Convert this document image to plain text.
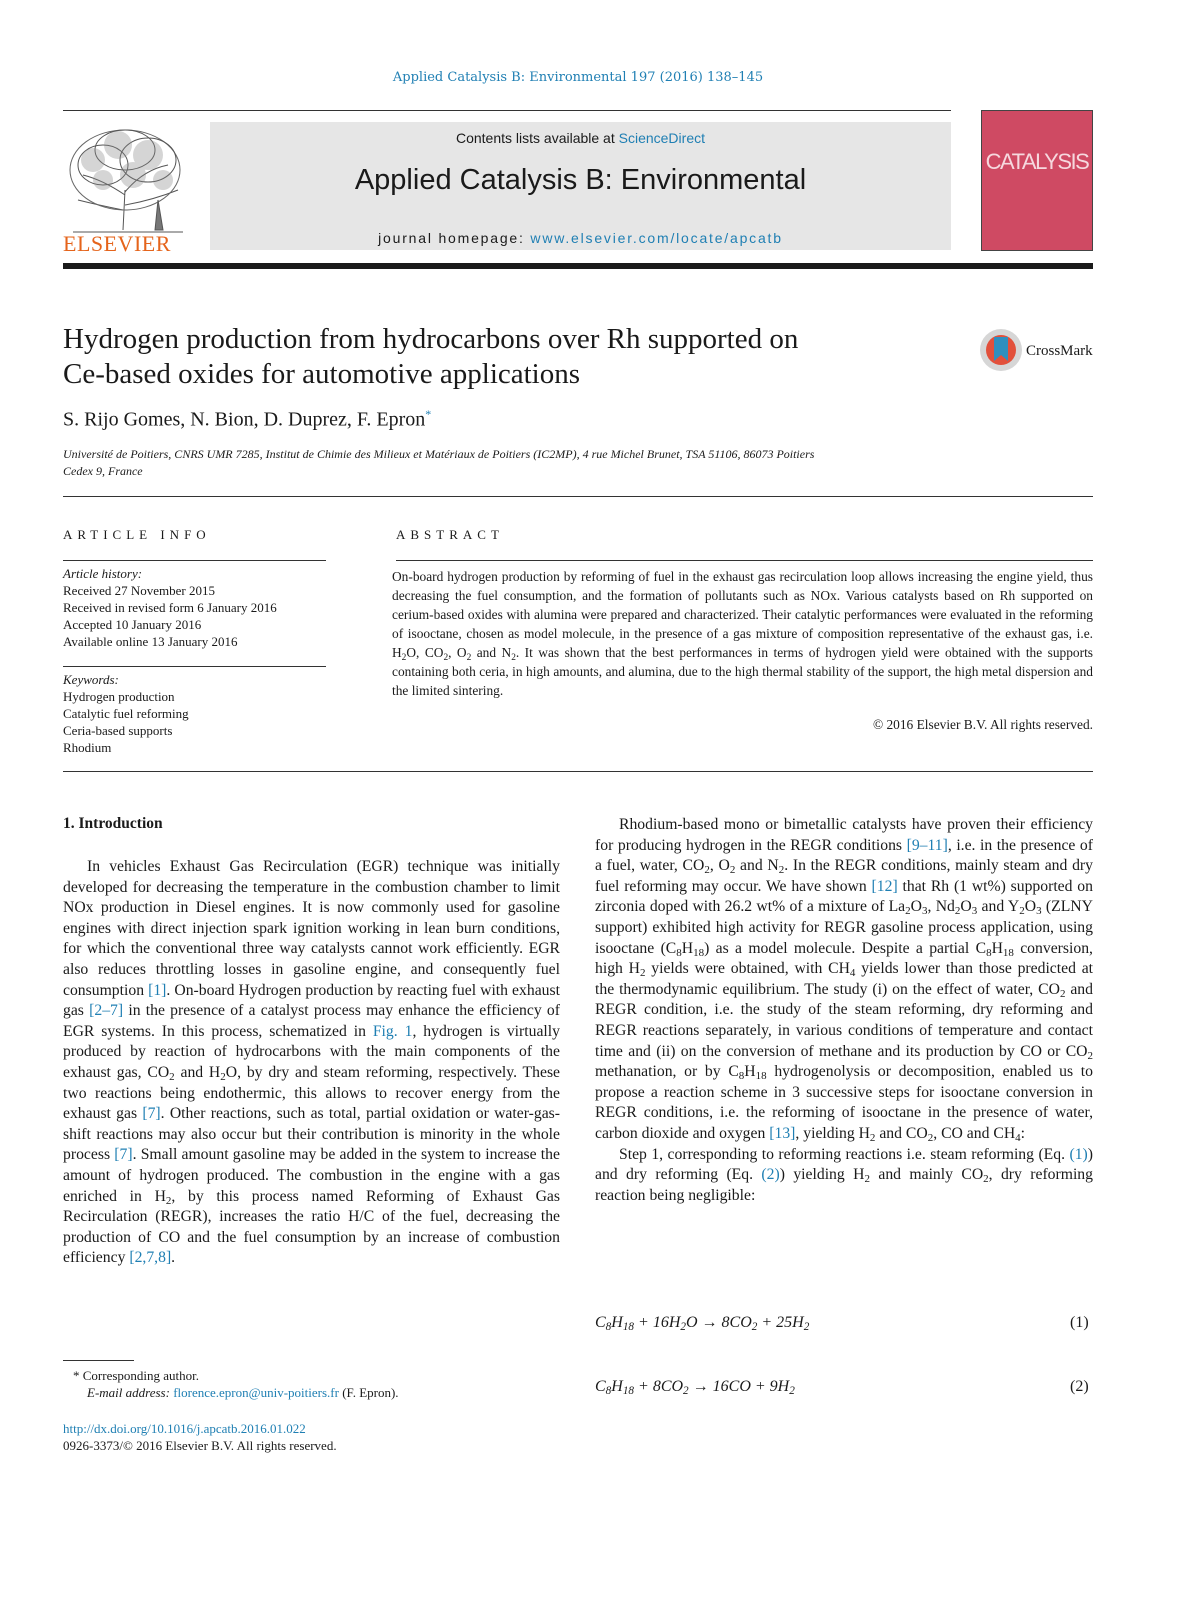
Applied Catalysis B: Environmental 197 (2016) 138–145
ELSEVIER
Contents lists available at ScienceDirect
Applied Catalysis B: Environmental
journal homepage: www.elsevier.com/locate/apcatb
CATALYSIS
Hydrogen production from hydrocarbons over Rh supported on
Ce-based oxides for automotive applications
CrossMark
S. Rijo Gomes, N. Bion, D. Duprez, F. Epron*
Université de Poitiers, CNRS UMR 7285, Institut de Chimie des Milieux et Matériaux de Poitiers (IC2MP), 4 rue Michel Brunet, TSA 51106, 86073 Poitiers
Cedex 9, France
ARTICLE INFO	ABSTRACT
Article history:
Received 27 November 2015
Received in revised form 6 January 2016
Accepted 10 January 2016
Available online 13 January 2016
Keywords:
Hydrogen production
Catalytic fuel reforming
Ceria-based supports
Rhodium
On-board hydrogen production by reforming of fuel in the exhaust gas recirculation loop allows increasing the engine yield, thus decreasing the fuel consumption, and the formation of pollutants such as NOx. Various catalysts based on Rh supported on cerium-based oxides with alumina were prepared and characterized. Their catalytic performances were evaluated in the reforming of isooctane, chosen as model molecule, in the presence of a gas mixture of composition representative of the exhaust gas, i.e. $H_2O$, $CO_2$, $O_2$ and $N_2$. It was shown that the best performances in terms of hydrogen yield were obtained with the supports containing both ceria, in high amounts, and alumina, due to the high thermal stability of the support, the high metal dispersion and the limited sintering.
© 2016 Elsevier B.V. All rights reserved.
1. Introduction
In vehicles Exhaust Gas Recirculation (EGR) technique was initially developed for decreasing the temperature in the combustion chamber to limit NOx production in Diesel engines. It is now commonly used for gasoline engines with direct injection spark ignition working in lean burn conditions, for which the conventional three way catalysts cannot work efficiently. EGR also reduces throttling losses in gasoline engine, and consequently fuel consumption [1]. On-board Hydrogen production by reacting fuel with exhaust gas [2–7] in the presence of a catalyst process may enhance the efficiency of EGR systems. In this process, schematized in Fig. 1, hydrogen is virtually produced by reaction of hydrocarbons with the main components of the exhaust gas, $CO_2$ and $H_2O$, by dry and steam reforming, respectively. These two reactions being endothermic, this allows to recover energy from the exhaust gas [7]. Other reactions, such as total, partial oxidation or water-gas-shift reactions may also occur but their contribution is minority in the whole process [7]. Small amount gasoline may be added in the system to increase the amount of hydrogen produced. The combustion in the engine with a gas enriched in $H_2$, by this process named Reforming of Exhaust Gas Recirculation (REGR), increases the ratio H/C of the fuel, decreasing the production of CO and the fuel consumption by an increase of combustion efficiency [2,7,8].

Rhodium-based mono or bimetallic catalysts have proven their efficiency for producing hydrogen in the REGR conditions [9–11], i.e. in the presence of a fuel, water, $CO_2$, $O_2$ and $N_2$. In the REGR conditions, mainly steam and dry fuel reforming may occur. We have shown [12] that Rh (1 wt%) supported on zirconia doped with 26.2 wt% of a mixture of $La_2O_3$, $Nd_2O_3$ and $Y_2O_3$ (ZLNY support) exhibited high activity for REGR gasoline process application, using isooctane $(C_8H_{18})$ as a model molecule. Despite a partial $C_8H_{18}$ conversion, high $H_2$ yields were obtained, with $CH_4$ yields lower than those predicted at the thermodynamic equilibrium. The study (i) on the effect of water, $CO_2$ and REGR condition, i.e. the study of the steam reforming, dry reforming and REGR reactions separately, in various conditions of temperature and contact time and (ii) on the conversion of methane and its production by CO or $CO_2$ methanation, or by $C_8H_{18}$ hydrogenolysis or decomposition, enabled us to propose a reaction scheme in 3 successive steps for isooctane conversion in REGR conditions, i.e. the reforming of isooctane in the presence of water, carbon dioxide and oxygen [13], yielding $H_2$ and $CO_2$, CO and $CH_4$:

Step 1, corresponding to reforming reactions i.e. steam reforming (Eq. (1)) and dry reforming (Eq. (2)) yielding $H_2$ and mainly $CO_2$, dry reforming reaction being negligible:

$C_8H_{18} + 16H_2O \to 8CO_2 + 25H_2$	(1)
$C_8H_{18} + 8CO_2 \to 16CO + 9H_2$	(2)
* Corresponding author.
E-mail address: florence.epron@univ-poitiers.fr (F. Epron).
http://dx.doi.org/10.1016/j.apcatb.2016.01.022
0926-3373/© 2016 Elsevier B.V. All rights reserved.
